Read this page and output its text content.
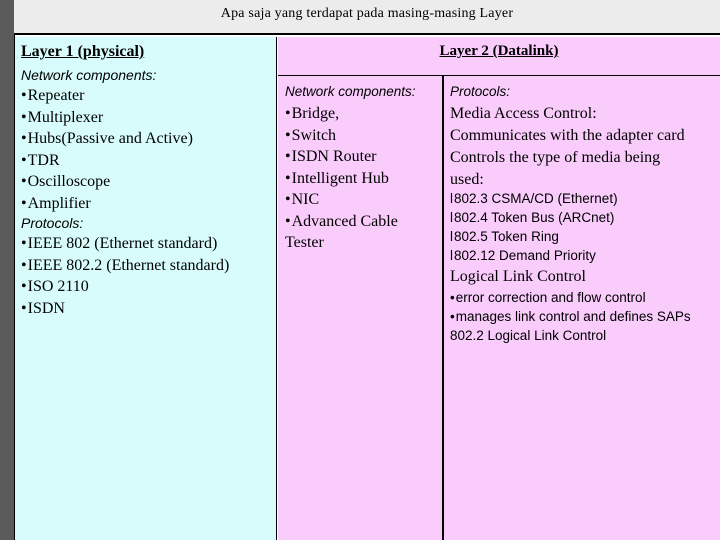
Apa saja yang terdapat pada masing-masing Layer
Layer 1 (physical)
Network components:
•Repeater
•Multiplexer
•Hubs(Passive and Active)
•TDR
•Oscilloscope
•Amplifier
Protocols:
•IEEE 802 (Ethernet standard)
•IEEE 802.2 (Ethernet standard)
•ISO 2110
•ISDN
Layer 2 (Datalink)
Network components:
•Bridge,
•Switch
•ISDN Router
•Intelligent Hub
•NIC
•Advanced Cable
Tester
Protocols:
Media Access Control:
Communicates with the adapter card
Controls the type of media being
used:
l802.3 CSMA/CD (Ethernet)
l802.4 Token Bus (ARCnet)
l802.5 Token Ring
l802.12 Demand Priority
Logical Link Control
•error correction and flow control
•manages link control and defines SAPs
802.2 Logical Link Control
